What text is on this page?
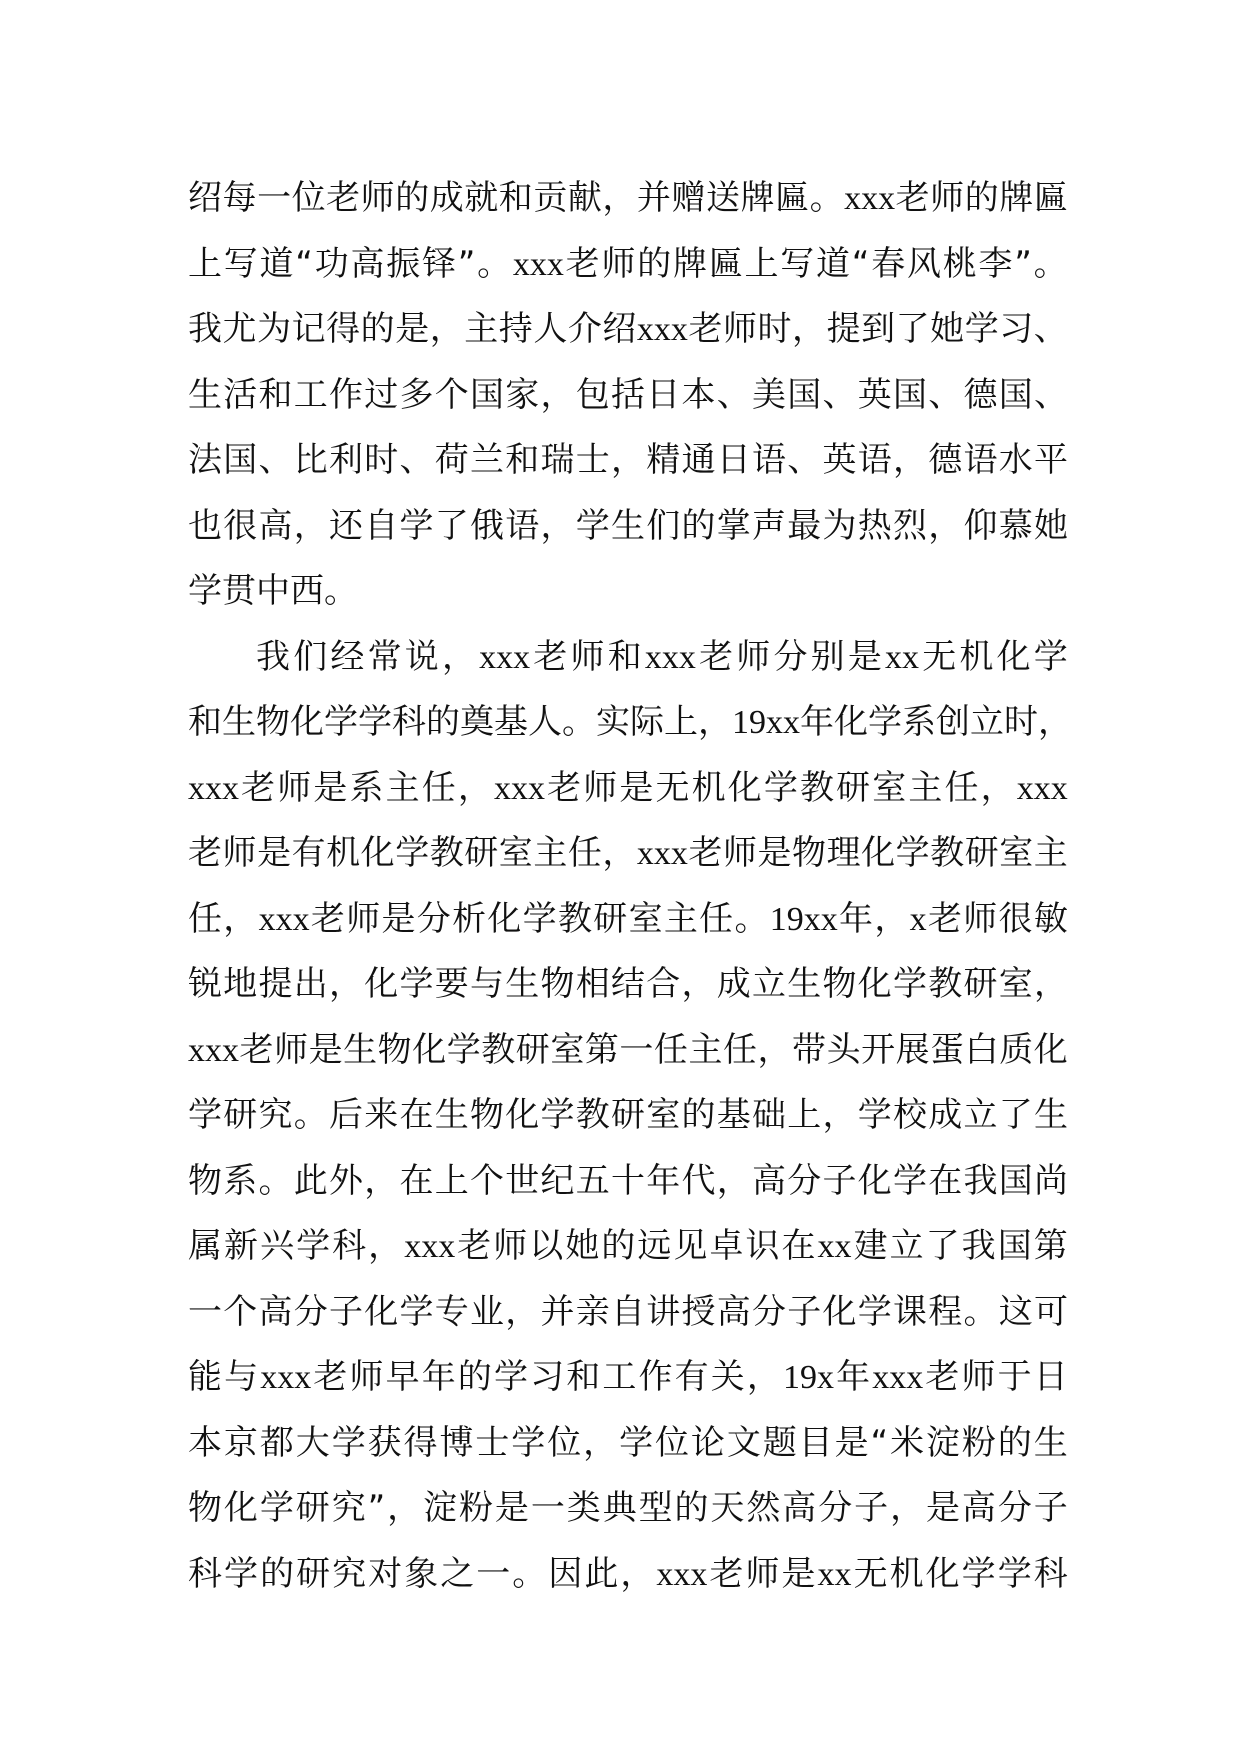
绍 每 一 位 老 师 的 成 就 和 贡 献 ， 并 赠 送 牌 匾 。 xxx 老 师 的 牌 匾
上 写 道 “ 功 高 振 铎 ” 。 xxx 老 师 的 牌 匾 上 写 道 “ 春 风 桃 李 ” 。
我 尤 为 记 得 的 是 ， 主 持 人 介 绍 xxx 老 师 时 ， 提 到 了 她 学 习 、
生 活 和 工 作 过 多 个 国 家 ， 包 括 日 本 、 美 国 、 英 国 、 德 国 、
法 国 、 比 利 时 、 荷 兰 和 瑞 士 ， 精 通 日 语 、 英 语 ， 德 语 水 平
也 很 高 ， 还 自 学 了 俄 语 ， 学 生 们 的 掌 声 最 为 热 烈 ， 仰 慕 她
学贯中西。
我 们 经 常 说 ， xxx 老 师 和 xxx 老 师 分 别 是 xx 无 机 化 学
和 生 物 化 学 学 科 的 奠 基 人 。 实 际 上 ， 19xx 年 化 学 系 创 立 时 ，
xxx 老 师 是 系 主 任 ， xxx 老 师 是 无 机 化 学 教 研 室 主 任 ， xxx
老 师 是 有 机 化 学 教 研 室 主 任 ， xxx 老 师 是 物 理 化 学 教 研 室 主
任 ， xxx 老 师 是 分 析 化 学 教 研 室 主 任 。 19xx 年 ， x 老 师 很 敏
锐 地 提 出 ， 化 学 要 与 生 物 相 结 合 ， 成 立 生 物 化 学 教 研 室 ，
xxx 老 师 是 生 物 化 学 教 研 室 第 一 任 主 任 ， 带 头 开 展 蛋 白 质 化
学 研 究 。 后 来 在 生 物 化 学 教 研 室 的 基 础 上 ， 学 校 成 立 了 生
物 系 。 此 外 ， 在 上 个 世 纪 五 十 年 代 ， 高 分 子 化 学 在 我 国 尚
属 新 兴 学 科 ， xxx 老 师 以 她 的 远 见 卓 识 在 xx 建 立 了 我 国 第
一 个 高 分 子 化 学 专 业 ， 并 亲 自 讲 授 高 分 子 化 学 课 程 。 这 可
能 与 xxx 老 师 早 年 的 学 习 和 工 作 有 关 ， 19x 年 xxx 老 师 于 日
本 京 都 大 学 获 得 博 士 学 位 ， 学 位 论 文 题 目 是 “ 米 淀 粉 的 生
物 化 学 研 究 ” ， 淀 粉 是 一 类 典 型 的 天 然 高 分 子 ， 是 高 分 子
科 学 的 研 究 对 象 之 一 。 因 此 ， xxx 老 师 是 xx 无 机 化 学 学 科
